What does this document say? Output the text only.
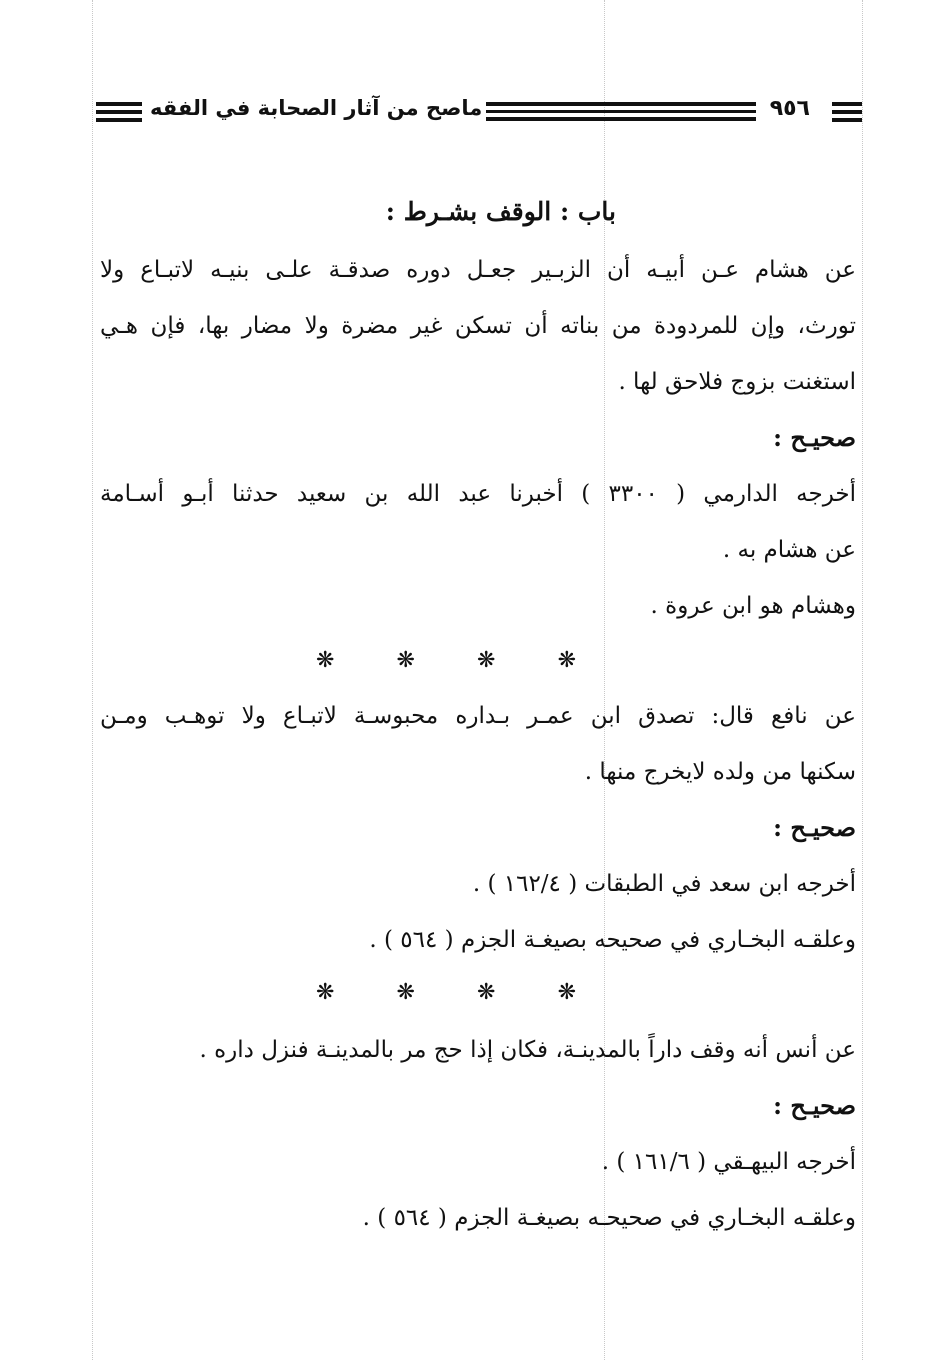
٩٥٦
ماصح من آثار الصحابة في الفقه
باب : الوقف بشـرط :
عن هشام عـن أبيـه أن الزبـير جعـل دوره صدقـة علـى بنيـه لاتبـاع ولا
تورث، وإن للمردودة من بناته أن تسكن غير مضرة ولا مضار بها، فإن هـي
استغنت بزوج فلاحق لها .
صحيـح :
أخرجه الدارمي ( ٣٣٠٠ ) أخبرنا عبد الله بن سعيد حدثنا أبـو أسـامة
عن هشام به .
وهشام هو ابن عروة .
❋
❋
❋
❋
عن نافع قال: تصدق ابن عمـر بـداره محبوسـة لاتبـاع ولا توهـب ومـن
سكنها من ولده لايخرج منها .
صحيـح :
أخرجه ابن سعد في الطبقات ( ١٦٢/٤ ) .
وعلقـه البخـاري في صحيحه بصيغـة الجزم ( ٥٦٤ ) .
❋
❋
❋
❋
عن أنس أنه وقف داراً بالمدينـة، فكان إذا حج مر بالمدينـة فنزل داره .
صحيـح :
أخرجه البيهـقي ( ١٦١/٦ ) .
وعلقـه البخـاري في صحيحـه بصيغـة الجزم ( ٥٦٤ ) .
